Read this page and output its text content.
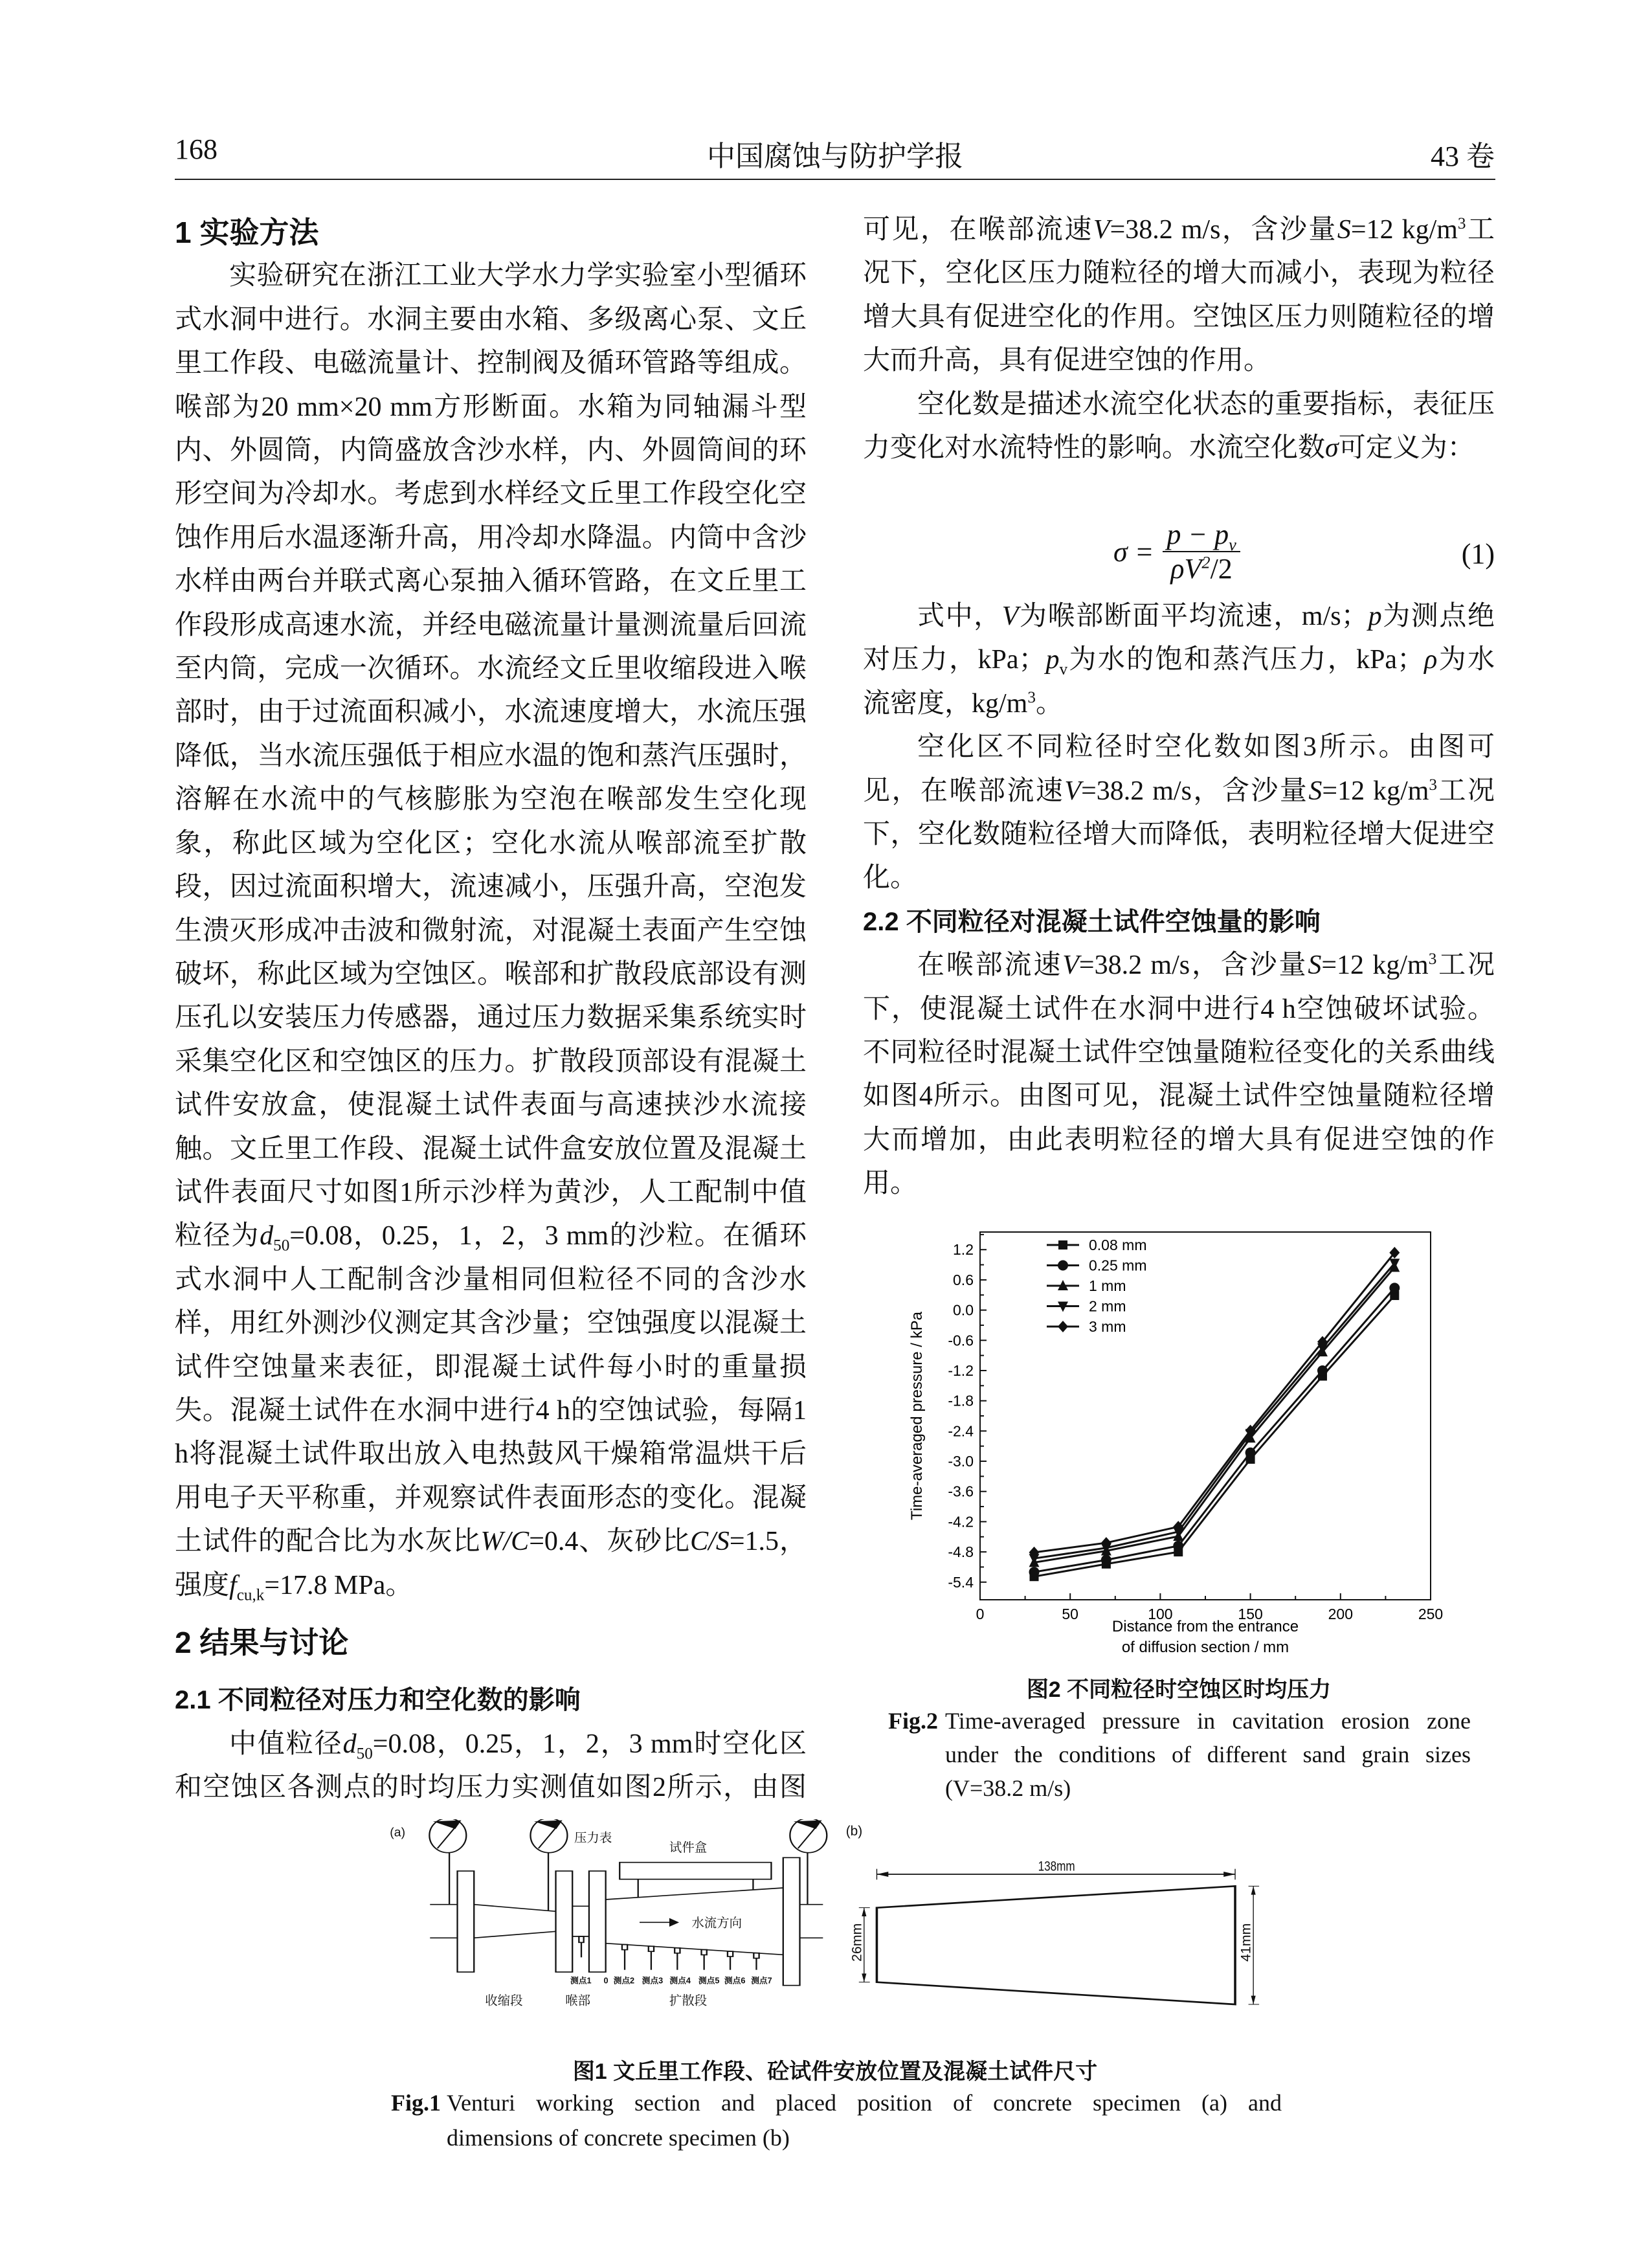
168	中国腐蚀与防护学报	43 卷
1 实验方法

实验研究在浙江工业大学水力学实验室小型循环式水洞中进行。水洞主要由水箱、多级离心泵、文丘里工作段、电磁流量计、控制阀及循环管路等组成。喉部为20 mm×20 mm方形断面。水箱为同轴漏斗型内、外圆筒，内筒盛放含沙水样，内、外圆筒间的环形空间为冷却水。考虑到水样经文丘里工作段空化空蚀作用后水温逐渐升高，用冷却水降温。内筒中含沙水样由两台并联式离心泵抽入循环管路，在文丘里工作段形成高速水流，并经电磁流量计量测流量后回流至内筒，完成一次循环。水流经文丘里收缩段进入喉部时，由于过流面积减小，水流速度增大，水流压强降低，当水流压强低于相应水温的饱和蒸汽压强时，溶解在水流中的气核膨胀为空泡在喉部发生空化现象，称此区域为空化区；空化水流从喉部流至扩散段，因过流面积增大，流速减小，压强升高，空泡发生溃灭形成冲击波和微射流，对混凝土表面产生空蚀破坏，称此区域为空蚀区。喉部和扩散段底部设有测压孔以安装压力传感器，通过压力数据采集系统实时采集空化区和空蚀区的压力。扩散段顶部设有混凝土试件安放盒，使混凝土试件表面与高速挟沙水流接触。文丘里工作段、混凝土试件盒安放位置及混凝土试件表面尺寸如图1所示沙样为黄沙，人工配制中值粒径为$d_{50}=0.08$，0.25，1，2，3 mm的沙粒。在循环式水洞中人工配制含沙量相同但粒径不同的含沙水样，用红外测沙仪测定其含沙量；空蚀强度以混凝土试件空蚀量来表征，即混凝土试件每小时的重量损失。混凝土试件在水洞中进行4 h的空蚀试验，每隔1 h将混凝土试件取出放入电热鼓风干燥箱常温烘干后用电子天平称重，并观察试件表面形态的变化。混凝土试件的配合比为水灰比W/C=0.4、灰砂比C/S=1.5，强度$f_{cu,k}=17.8$ MPa。

2 结果与讨论
2.1 不同粒径对压力和空化数的影响

中值粒径$d_{50}=0.08$，0.25，1，2，3 mm时空化区和空蚀区各测点的时均压力实测值如图2所示，由图

可见，在喉部流速V=38.2 m/s，含沙量S=12 $kg/m^3$工况下，空化区压力随粒径的增大而减小，表现为粒径增大具有促进空化的作用。空蚀区压力则随粒径的增大而升高，具有促进空蚀的作用。

空化数是描述水流空化状态的重要指标，表征压力变化对水流特性的影响。水流空化数σ可定义为：

$\sigma = \frac{p - p_v}{\rho V^2/2}$	(1)

式中，V为喉部断面平均流速，m/s；p为测点绝对压力，kPa；$p_v$为水的饱和蒸汽压力，kPa；ρ为水流密度，$kg/m^3$。

空化区不同粒径时空化数如图3所示。由图可见，在喉部流速V=38.2 m/s，含沙量S=12 $kg/m^3$工况下，空化数随粒径增大而降低，表明粒径增大促进空化。

2.2 不同粒径对混凝土试件空蚀量的影响

在喉部流速V=38.2 m/s，含沙量S=12 $kg/m^3$工况下，使混凝土试件在水洞中进行4 h空蚀破坏试验。不同粒径时混凝土试件空蚀量随粒径变化的关系曲线如图4所示。由图可见，混凝土试件空蚀量随粒径增大而增加，由此表明粒径的增大具有促进空蚀的作用。

0	50	100	150	200	250
-5.4
-4.8
-4.2
-3.6
-3.0
-2.4
-1.8
-1.2
-0.6
0.0
0.6
1.2	0.08 mm
0.25 mm
1 mm
2 mm
3 mm
Time-averaged pressure / kPa
Distance from the entrance
of diffusion section / mm
图2 不同粒径时空蚀区时均压力
Fig.2 Time-averaged pressure in cavitation erosion zone under the conditions of different sand grain sizes (V=38.2 m/s)
(a)	压力表
试件盒
水流方向
收缩段 喉部 扩散段
测点1 0 测点2 测点3 测点4 测点5 测点6 测点7
(b)
138mm
26mm	41mm
图1 文丘里工作段、砼试件安放位置及混凝土试件尺寸
Fig.1 Venturi working section and placed position of concrete specimen (a) and
dimensions of concrete specimen (b)
